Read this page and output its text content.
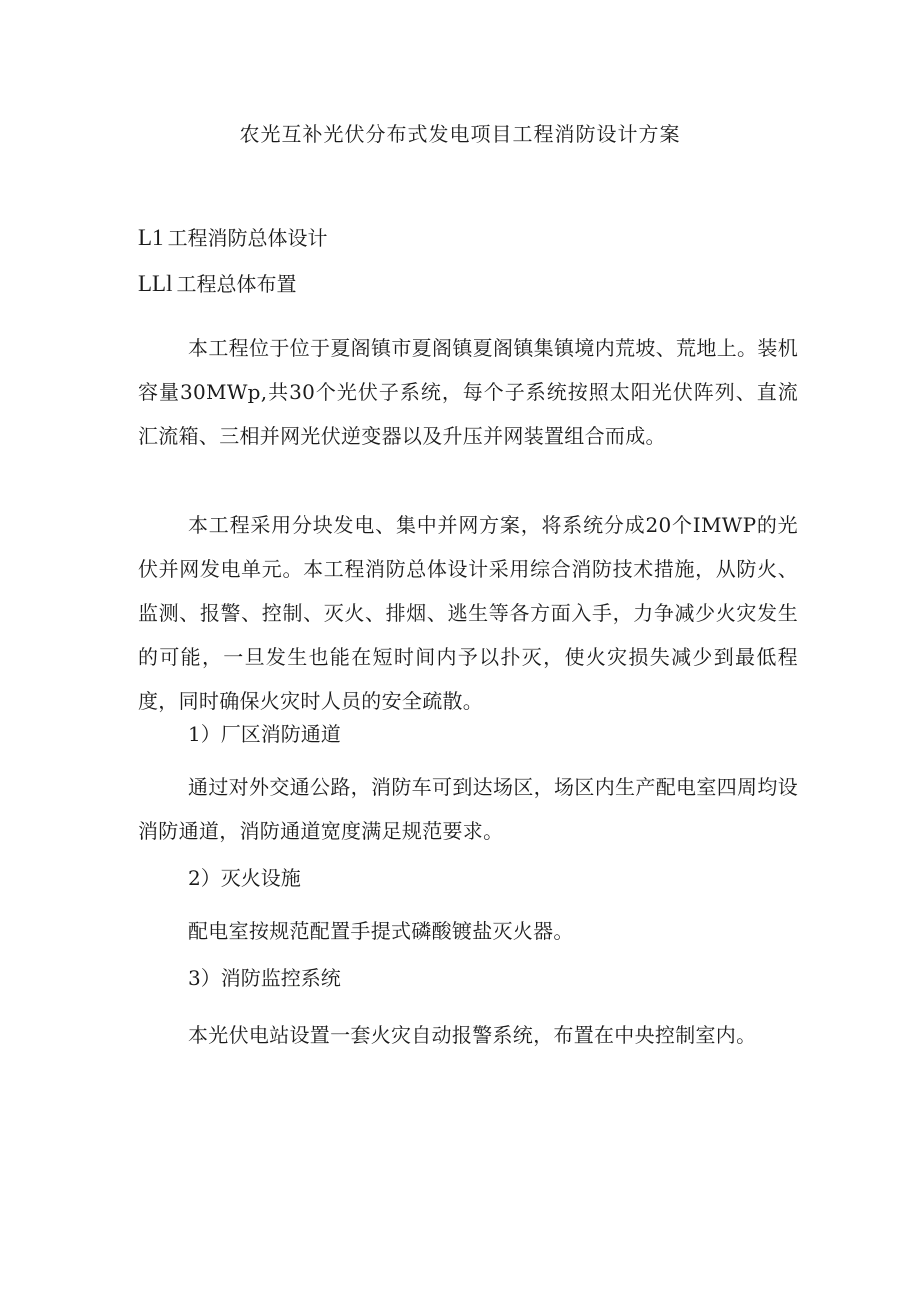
农光互补光伏分布式发电项目工程消防设计方案
L1 工程消防总体设计
LLl 工程总体布置

本工程位于位于夏阁镇市夏阁镇夏阁镇集镇境内荒坡、荒地上。装机容量30MWp,共30个光伏子系统，每个子系统按照太阳光伏阵列、直流汇流箱、三相并网光伏逆变器以及升压并网装置组合而成。

本工程采用分块发电、集中并网方案，将系统分成20个IMWP的光伏并网发电单元。本工程消防总体设计采用综合消防技术措施，从防火、监测、报警、控制、灭火、排烟、逃生等各方面入手，力争减少火灾发生的可能，一旦发生也能在短时间内予以扑灭，使火灾损失减少到最低程度，同时确保火灾时人员的安全疏散。

1）厂区消防通道

通过对外交通公路，消防车可到达场区，场区内生产配电室四周均设消防通道，消防通道宽度满足规范要求。

2）灭火设施

配电室按规范配置手提式磷酸镀盐灭火器。

3）消防监控系统

本光伏电站设置一套火灾自动报警系统，布置在中央控制室内。
